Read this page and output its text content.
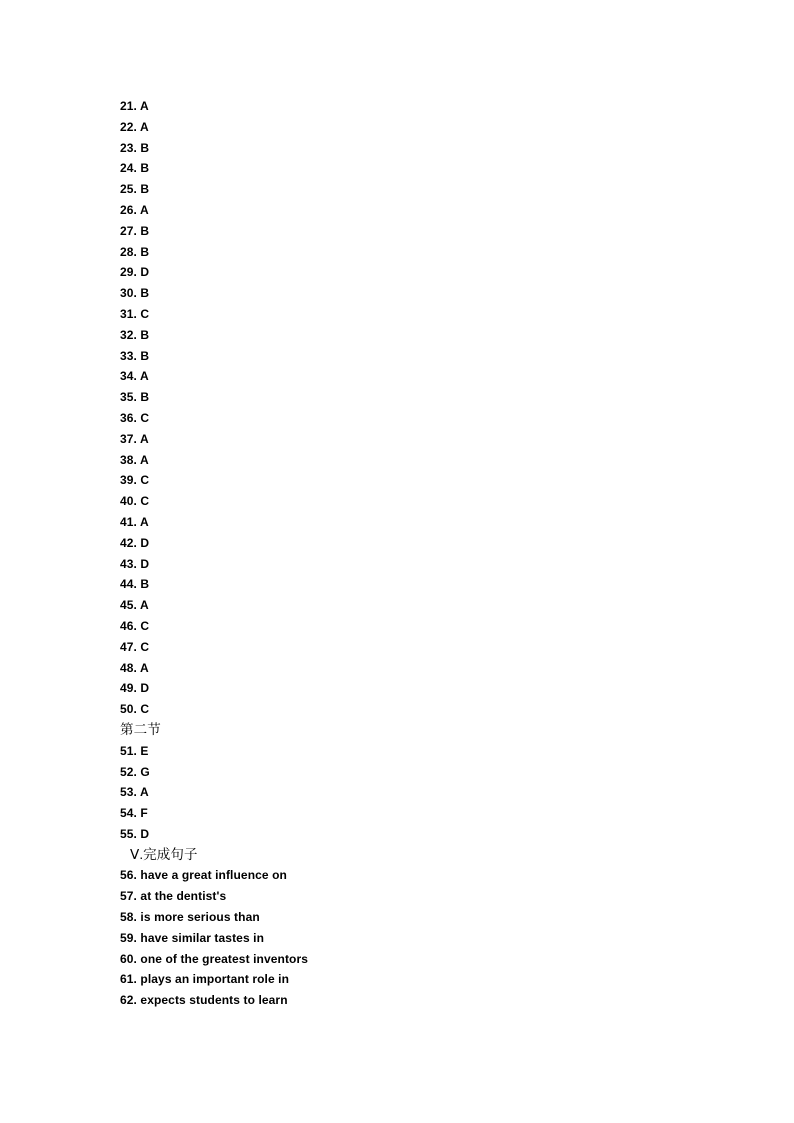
21. A
22. A
23. B
24. B
25. B
26. A
27. B
28. B
29. D
30. B
31. C
32. B
33. B
34. A
35. B
36. C
37. A
38. A
39. C
40. C
41. A
42. D
43. D
44. B
45. A
46. C
47. C
48. A
49. D
50. C
第二节
51. E
52. G
53. A
54. F
55. D
Ⅴ.完成句子
56. have a great influence on
57. at the dentist's
58. is more serious than
59. have similar tastes in
60. one of the greatest inventors
61. plays an important role in
62. expects students to learn
